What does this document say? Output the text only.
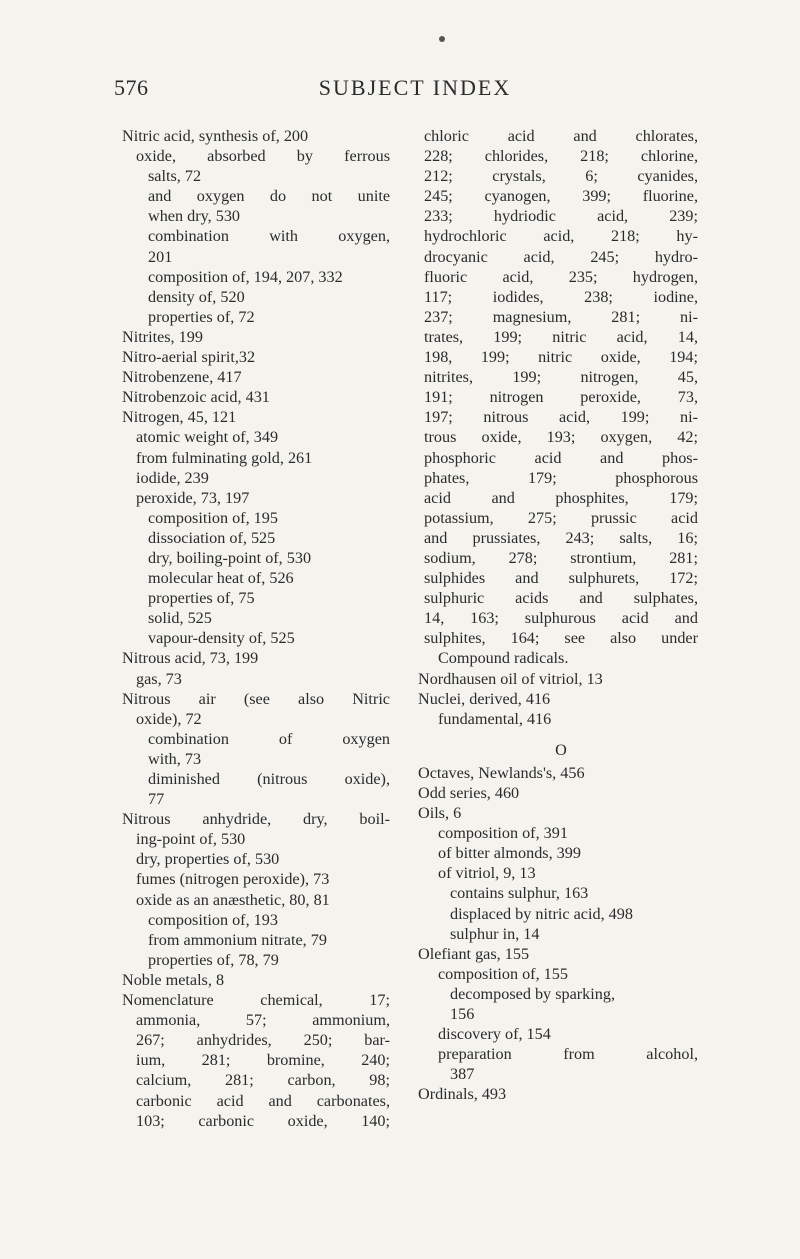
576	SUBJECT INDEX
Nitric acid, synthesis of, 200
oxide, absorbed by ferrous
salts, 72
and oxygen do not unite
when dry, 530
combination with oxygen,
201
composition of, 194, 207, 332
density of, 520
properties of, 72
Nitrites, 199
Nitro-aerial spirit,32
Nitrobenzene, 417
Nitrobenzoic acid, 431
Nitrogen, 45, 121
atomic weight of, 349
from fulminating gold, 261
iodide, 239
peroxide, 73, 197
composition of, 195
dissociation of, 525
dry, boiling-point of, 530
molecular heat of, 526
properties of, 75
solid, 525
vapour-density of, 525
Nitrous acid, 73, 199
gas, 73
Nitrous air (see also Nitric
oxide), 72
combination of oxygen
with, 73
diminished (nitrous oxide),
77
Nitrous anhydride, dry, boil-
ing-point of, 530
dry, properties of, 530
fumes (nitrogen peroxide), 73
oxide as an anæsthetic, 80, 81
composition of, 193
from ammonium nitrate, 79
properties of, 78, 79
Noble metals, 8
Nomenclature chemical, 17;
ammonia, 57; ammonium,
267; anhydrides, 250; bar-
ium, 281; bromine, 240;
calcium, 281; carbon, 98;
carbonic acid and carbonates,
103; carbonic oxide, 140;
chloric acid and chlorates,
228; chlorides, 218; chlorine,
212; crystals, 6; cyanides,
245; cyanogen, 399; fluorine,
233; hydriodic acid, 239;
hydrochloric acid, 218; hy-
drocyanic acid, 245; hydro-
fluoric acid, 235; hydrogen,
117; iodides, 238; iodine,
237; magnesium, 281; ni-
trates, 199; nitric acid, 14,
198, 199; nitric oxide, 194;
nitrites, 199; nitrogen, 45,
191; nitrogen peroxide, 73,
197; nitrous acid, 199; ni-
trous oxide, 193; oxygen, 42;
phosphoric acid and phos-
phates, 179; phosphorous
acid and phosphites, 179;
potassium, 275; prussic acid
and prussiates, 243; salts, 16;
sodium, 278; strontium, 281;
sulphides and sulphurets, 172;
sulphuric acids and sulphates,
14, 163; sulphurous acid and
sulphites, 164; see also under
Compound radicals.
Nordhausen oil of vitriol, 13
Nuclei, derived, 416
fundamental, 416
O
Octaves, Newlands's, 456
Odd series, 460
Oils, 6
composition of, 391
of bitter almonds, 399
of vitriol, 9, 13
contains sulphur, 163
displaced by nitric acid, 498
sulphur in, 14
Olefiant gas, 155
composition of, 155
decomposed by sparking,
156
discovery of, 154
preparation from alcohol,
387
Ordinals, 493
